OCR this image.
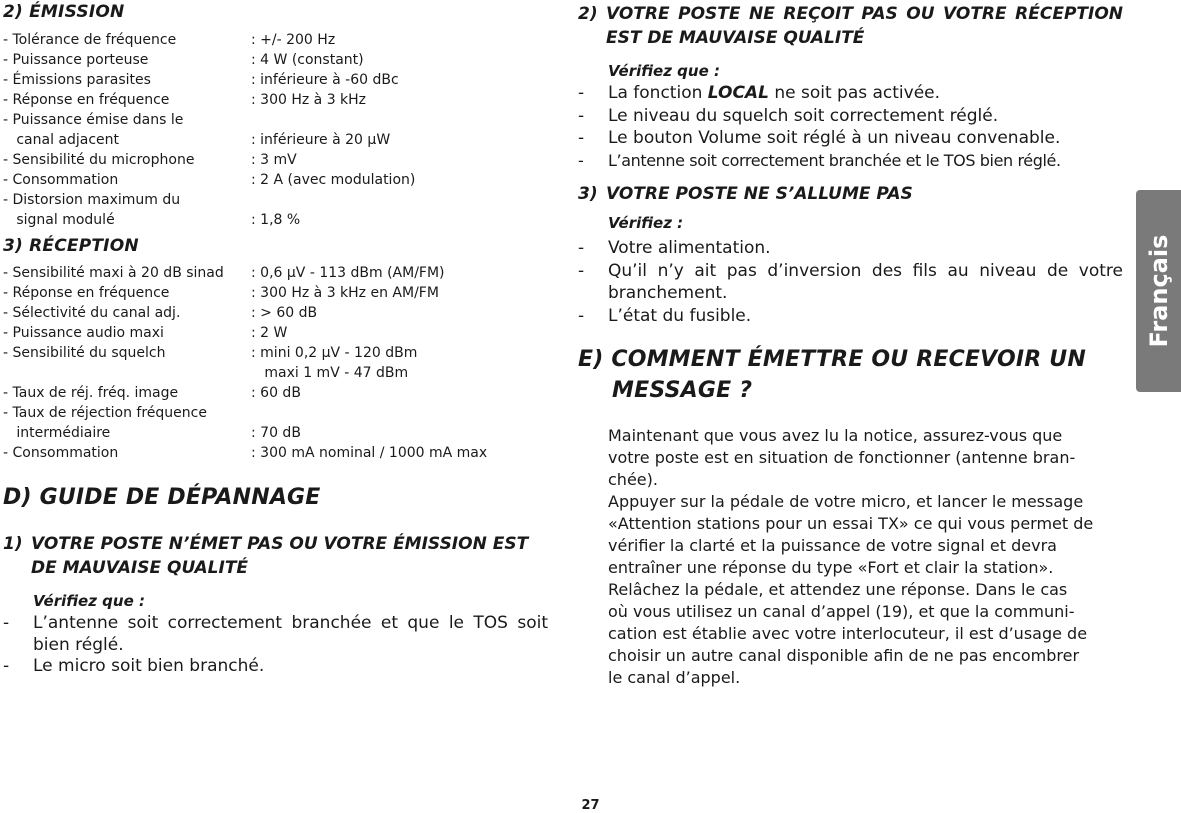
2) ÉMISSION
- Tolérance de fréquence	: +/- 200 Hz
- Puissance porteuse	: 4 W (constant)
- Émissions parasites	: inférieure à -60 dBc
- Réponse en fréquence	: 300 Hz à 3 kHz
- Puissance émise dans le
canal adjacent	: inférieure à 20 µW
- Sensibilité du microphone	: 3 mV
- Consommation	: 2 A (avec modulation)
- Distorsion maximum du
signal modulé	: 1,8 %
3) RÉCEPTION
- Sensibilité maxi à 20 dB sinad	: 0,6 µV - 113 dBm (AM/FM)
- Réponse en fréquence	: 300 Hz à 3 kHz en AM/FM
- Sélectivité du canal adj.	: > 60 dB
- Puissance audio maxi	: 2 W
- Sensibilité du squelch	: mini 0,2 µV - 120 dBm
maxi 1 mV - 47 dBm
- Taux de réj. fréq. image	: 60 dB
- Taux de réjection fréquence
intermédiaire	: 70 dB
- Consommation	: 300 mA nominal / 1000 mA max
D) GUIDE DE DÉPANNAGE
1) VOTRE POSTE N’ÉMET PAS OU VOTRE ÉMISSION EST DE MAUVAISE QUALITÉ
Vérifiez que :
- L’antenne soit correctement branchée et que le TOS soit bien réglé.
- Le micro soit bien branché.
2) VOTRE POSTE NE REÇOIT PAS OU VOTRE RÉCEPTION EST DE MAUVAISE QUALITÉ
Vérifiez que :
- La fonction LOCAL ne soit pas activée.
- Le niveau du squelch soit correctement réglé.
- Le bouton Volume soit réglé à un niveau convenable.
- L’antenne soit correctement branchée et le TOS bien réglé.
3) VOTRE POSTE NE S’ALLUME PAS
Vérifiez :
- Votre alimentation.
- Qu’il n’y ait pas d’inversion des fils au niveau de votre branchement.
- L’état du fusible.
E) COMMENT ÉMETTRE OU RECEVOIR UN
MESSAGE ?
Maintenant que vous avez lu la notice, assurez-vous que
votre poste est en situation de fonctionner (antenne bran-
chée).
Appuyer sur la pédale de votre micro, et lancer le message
«Attention stations pour un essai TX» ce qui vous permet de
vérifier la clarté et la puissance de votre signal et devra
entraîner une réponse du type «Fort et clair la station».
Relâchez la pédale, et attendez une réponse. Dans le cas
où vous utilisez un canal d’appel (19), et que la communi-
cation est établie avec votre interlocuteur, il est d’usage de
choisir un autre canal disponible afin de ne pas encombrer
le canal d’appel.
Français
27
